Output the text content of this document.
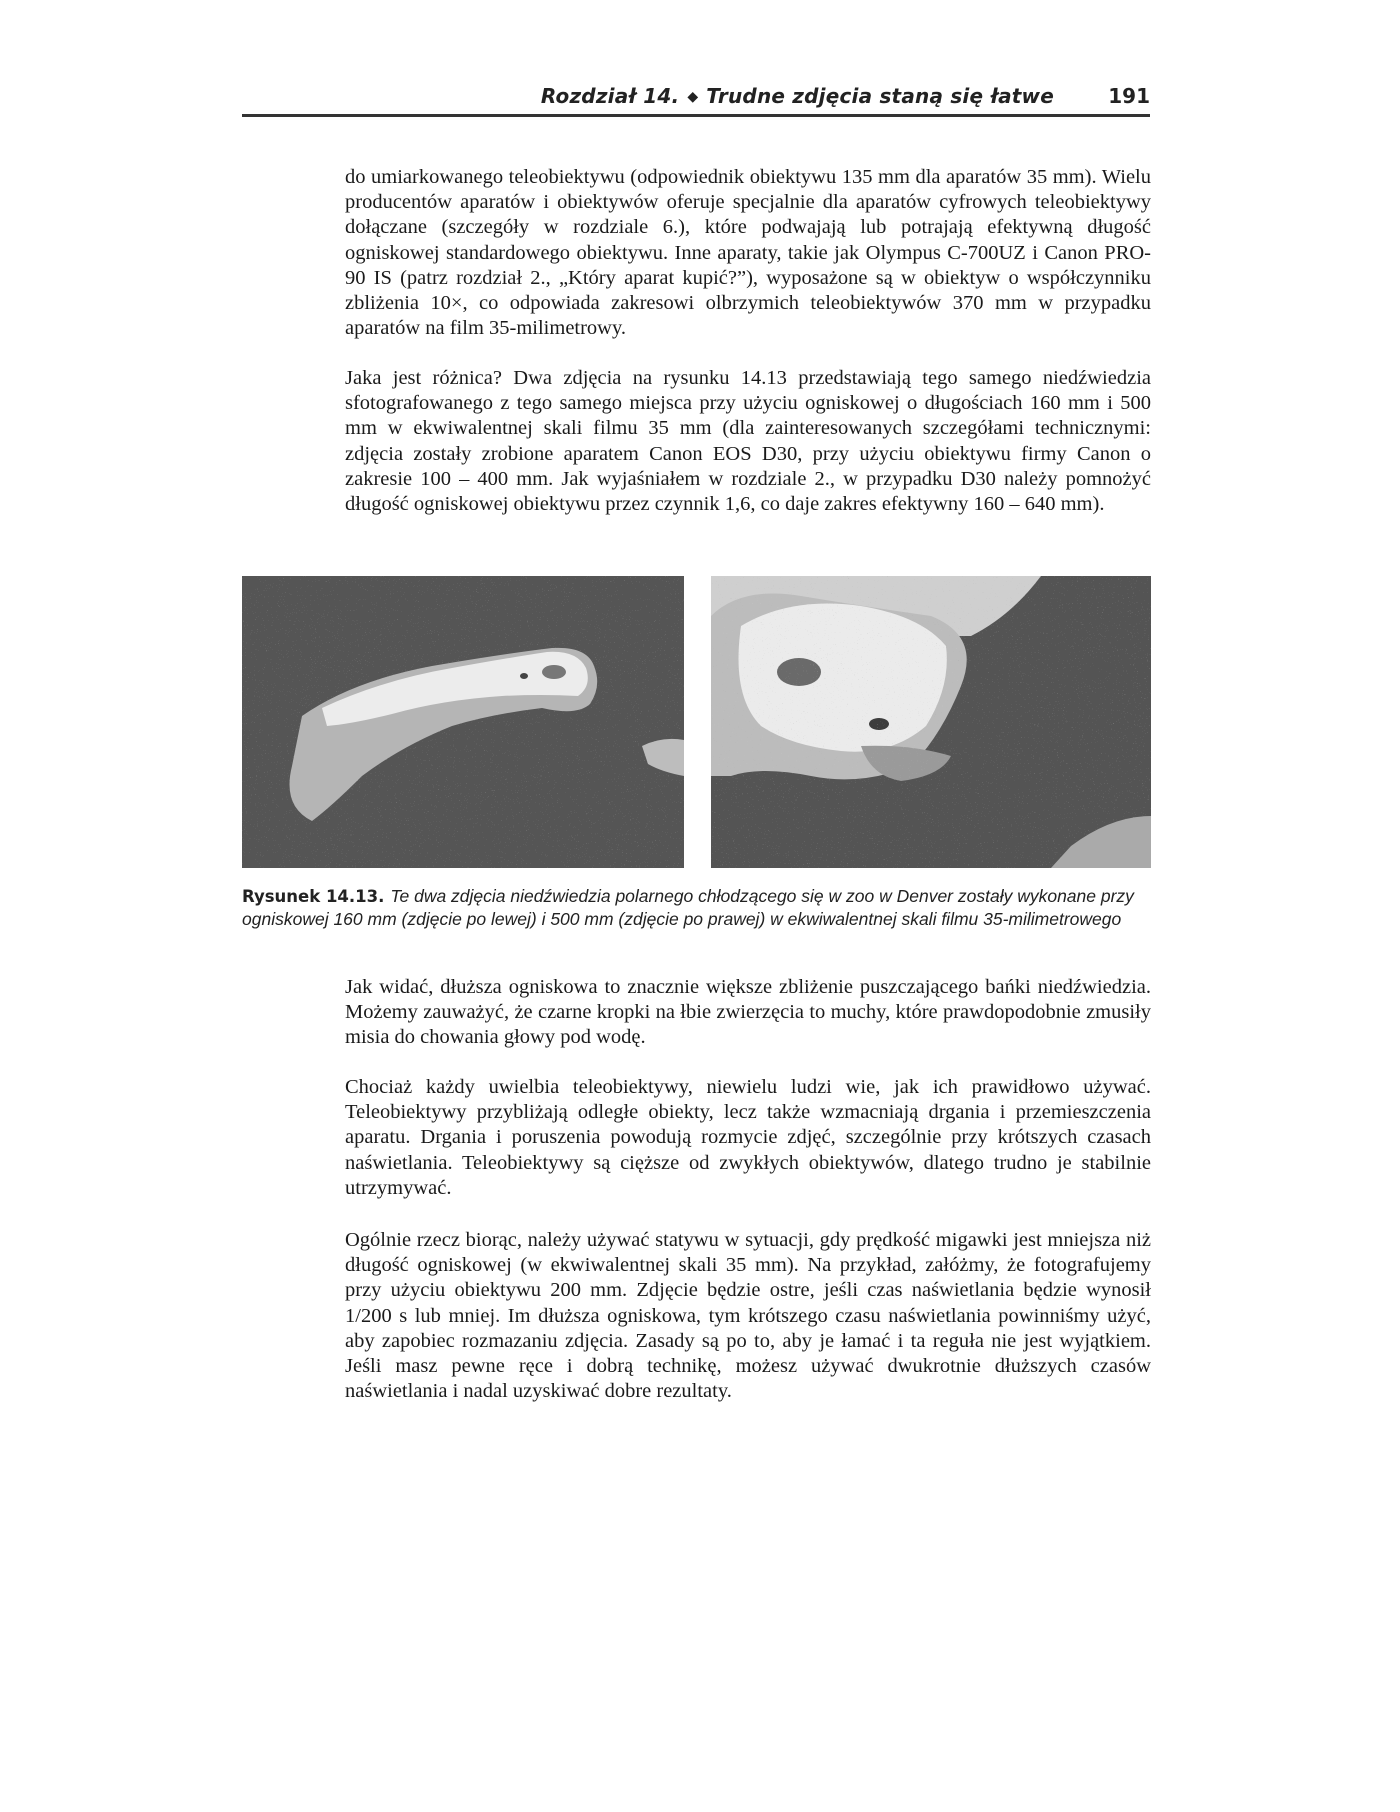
Rozdział 14. ◆ Trudne zdjęcia staną się łatwe	191

do umiarkowanego teleobiektywu (odpowiednik obiektywu 135 mm dla aparatów 35 mm). Wielu producentów aparatów i obiektywów oferuje specjalnie dla aparatów cyfrowych teleobiektywy dołączane (szczegóły w rozdziale 6.), które podwajają lub potrajają efektywną długość ogniskowej standardowego obiektywu. Inne aparaty, takie jak Olympus C-700UZ i Canon PRO-90 IS (patrz rozdział 2., „Który aparat kupić?”), wyposażone są w obiektyw o współczynniku zbliżenia 10×, co odpowiada zakresowi olbrzymich teleobiektywów 370 mm w przypadku aparatów na film 35-milimetrowy.

Jaka jest różnica? Dwa zdjęcia na rysunku 14.13 przedstawiają tego samego niedźwiedzia sfotografowanego z tego samego miejsca przy użyciu ogniskowej o długościach 160 mm i 500 mm w ekwiwalentnej skali filmu 35 mm (dla zainteresowanych szczegółami technicznymi: zdjęcia zostały zrobione aparatem Canon EOS D30, przy użyciu obiektywu firmy Canon o zakresie 100 – 400 mm. Jak wyjaśniałem w rozdziale 2., w przypadku D30 należy pomnożyć długość ogniskowej obiektywu przez czynnik 1,6, co daje zakres efektywny 160 – 640 mm).

Rysunek 14.13. Te dwa zdjęcia niedźwiedzia polarnego chłodzącego się w zoo w Denver zostały wykonane przy ogniskowej 160 mm (zdjęcie po lewej) i 500 mm (zdjęcie po prawej) w ekwiwalentnej skali filmu 35-milimetrowego

Jak widać, dłuższa ogniskowa to znacznie większe zbliżenie puszczającego bańki niedźwiedzia. Możemy zauważyć, że czarne kropki na łbie zwierzęcia to muchy, które prawdopodobnie zmusiły misia do chowania głowy pod wodę.

Chociaż każdy uwielbia teleobiektywy, niewielu ludzi wie, jak ich prawidłowo używać. Teleobiektywy przybliżają odległe obiekty, lecz także wzmacniają drgania i przemieszczenia aparatu. Drgania i poruszenia powodują rozmycie zdjęć, szczególnie przy krótszych czasach naświetlania. Teleobiektywy są cięższe od zwykłych obiektywów, dlatego trudno je stabilnie utrzymywać.

Ogólnie rzecz biorąc, należy używać statywu w sytuacji, gdy prędkość migawki jest mniejsza niż długość ogniskowej (w ekwiwalentnej skali 35 mm). Na przykład, załóżmy, że fotografujemy przy użyciu obiektywu 200 mm. Zdjęcie będzie ostre, jeśli czas naświetlania będzie wynosił 1/200 s lub mniej. Im dłuższa ogniskowa, tym krótszego czasu naświetlania powinniśmy użyć, aby zapobiec rozmazaniu zdjęcia. Zasady są po to, aby je łamać i ta reguła nie jest wyjątkiem. Jeśli masz pewne ręce i dobrą technikę, możesz używać dwukrotnie dłuższych czasów naświetlania i nadal uzyskiwać dobre rezultaty.
